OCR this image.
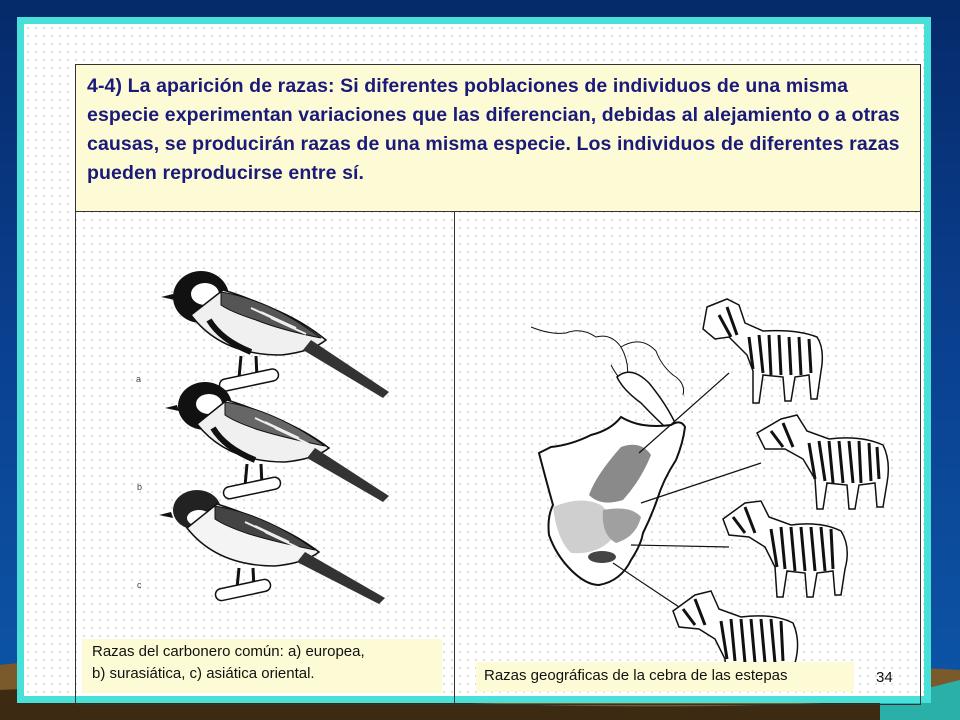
4-4) La aparición de razas: Si diferentes poblaciones de individuos de una misma especie experimentan variaciones que las diferencian, debidas al alejamiento o a otras causas, se producirán razas de una misma especie. Los individuos de diferentes razas pueden reproducirse entre sí.
a
b
c
Razas del carbonero común: a) europea,
b) surasiática, c) asiática oriental.	Razas geográficas de la cebra de las estepas	34
